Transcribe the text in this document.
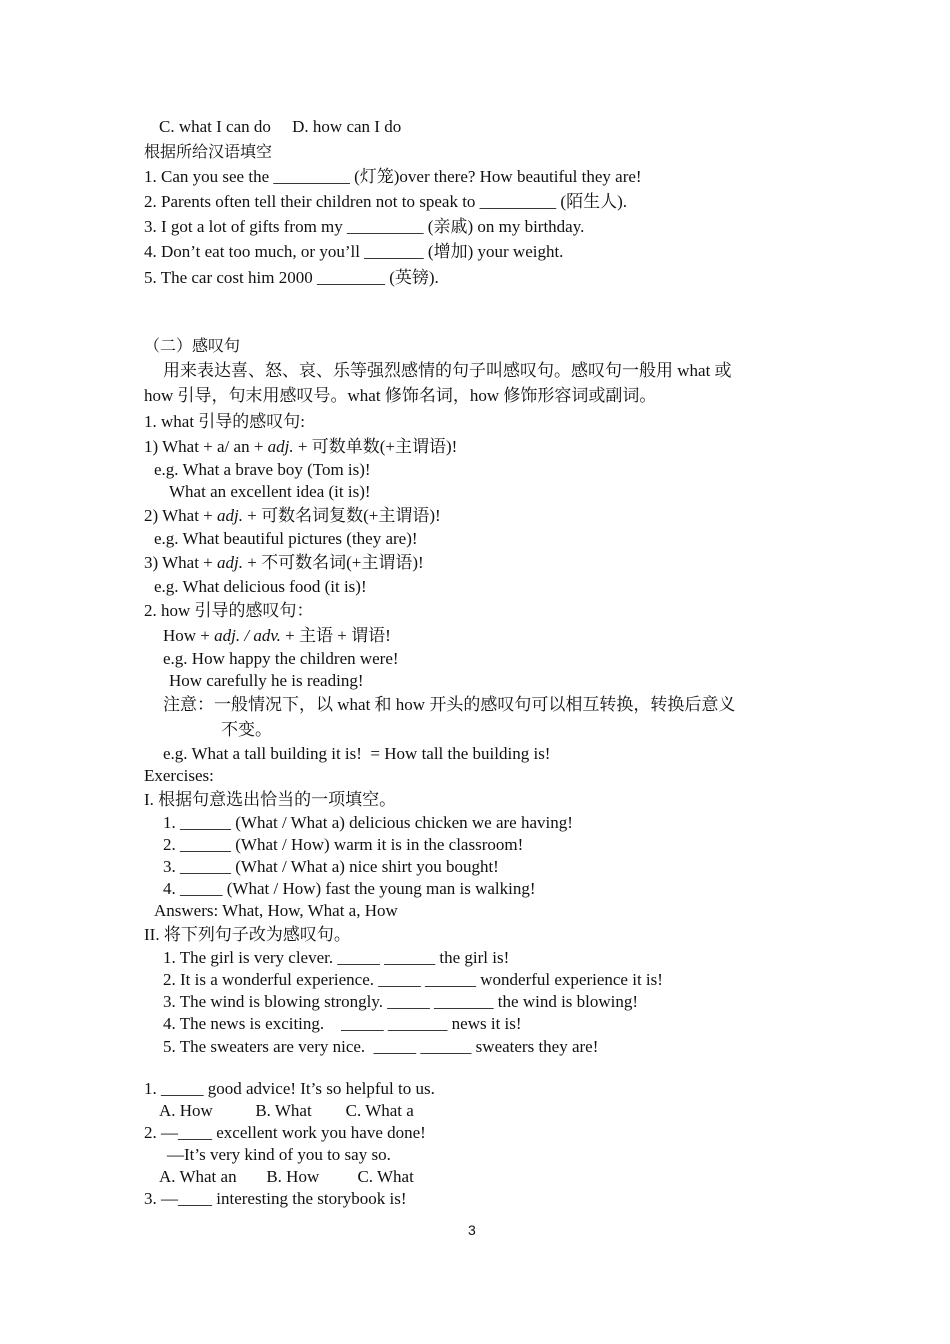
C. what I can do     D. how can I do
根据所给汉语填空
1. Can you see the _________ (灯笼)over there? How beautiful they are!
2. Parents often tell their children not to speak to _________ (陌生人).
3. I got a lot of gifts from my _________ (亲戚) on my birthday.
4. Don’t eat too much, or you’ll _______ (增加) your weight.
5. The car cost him 2000 ________ (英镑).
（二）感叹句
用来表达喜、怒、哀、乐等强烈感情的句子叫感叹句。感叹句一般用 what 或
how 引导，句末用感叹号。what 修饰名词，how 修饰形容词或副词。
1. what 引导的感叹句:
1) What + a/ an + adj. + 可数单数(+主谓语)!
e.g. What a brave boy (Tom is)!
What an excellent idea (it is)!
2) What + adj. + 可数名词复数(+主谓语)!
e.g. What beautiful pictures (they are)!
3) What + adj. + 不可数名词(+主谓语)!
e.g. What delicious food (it is)!
2. how 引导的感叹句：
How + adj. / adv. + 主语 + 谓语!
e.g. How happy the children were!
How carefully he is reading!
注意：一般情况下，以 what 和 how 开头的感叹句可以相互转换，转换后意义
不变。
e.g. What a tall building it is!  = How tall the building is!
Exercises:
I. 根据句意选出恰当的一项填空。
1. ______ (What / What a) delicious chicken we are having!
2. ______ (What / How) warm it is in the classroom!
3. ______ (What / What a) nice shirt you bought!
4. _____ (What / How) fast the young man is walking!
Answers: What, How, What a, How
II. 将下列句子改为感叹句。
1. The girl is very clever. _____ ______ the girl is!
2. It is a wonderful experience. _____ ______ wonderful experience it is!
3. The wind is blowing strongly. _____ _______ the wind is blowing!
4. The news is exciting.    _____ _______ news it is!
5. The sweaters are very nice.  _____ ______ sweaters they are!
1. _____ good advice! It’s so helpful to us.
A. How          B. What        C. What a
2. —____ excellent work you have done!
—It’s very kind of you to say so.
A. What an       B. How         C. What
3. —____ interesting the storybook is!
3
